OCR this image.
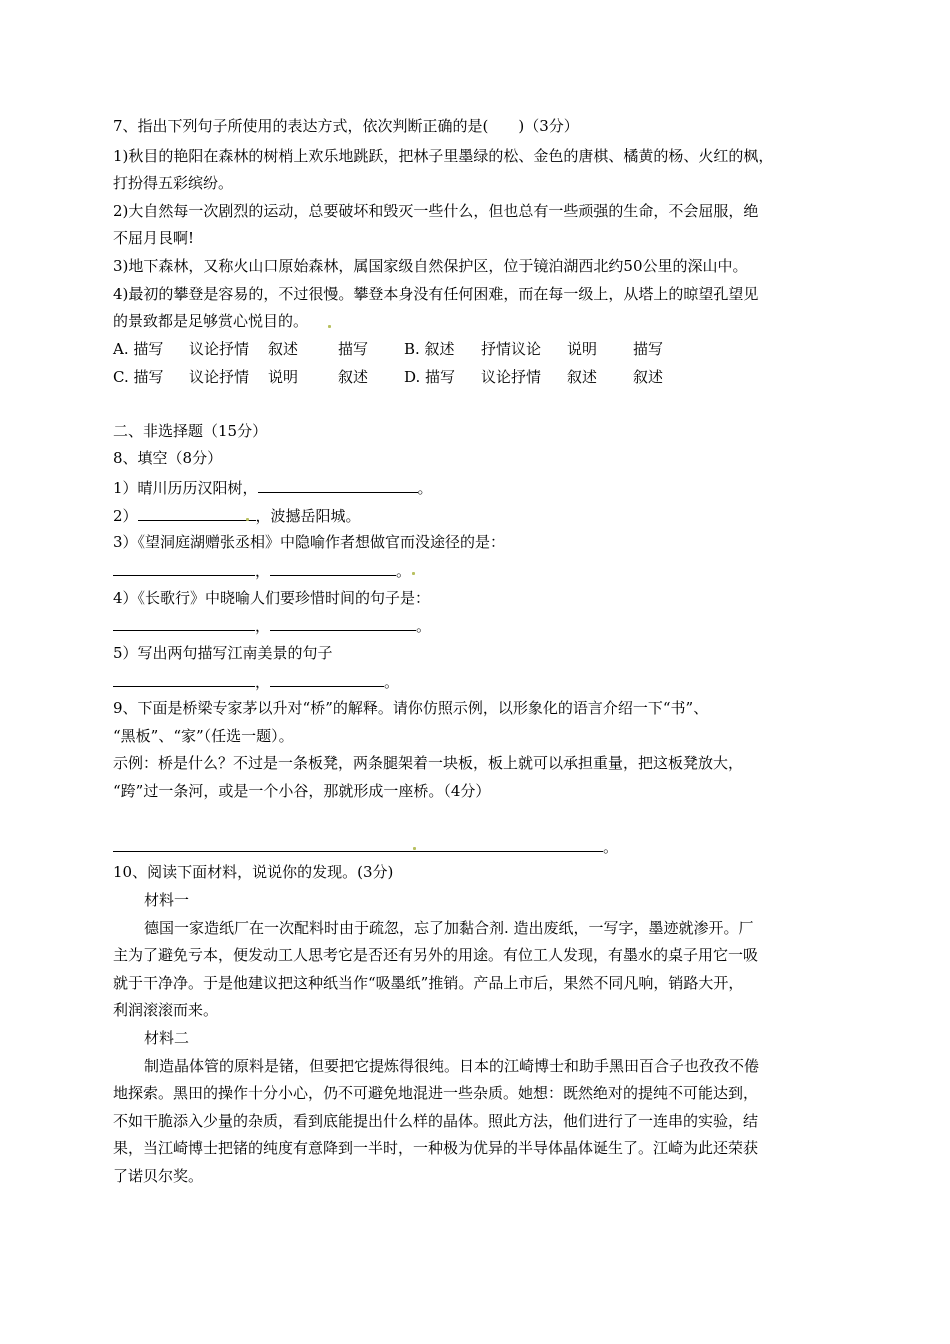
7、指出下列句子所使用的表达方式，依次判断正确的是(　　)（3分）
1)秋目的艳阳在森林的树梢上欢乐地跳跃，把林子里墨绿的松、金色的唐棋、橘黄的杨、火红的枫，
打扮得五彩缤纷。
2)大自然每一次剧烈的运动，总要破坏和毁灭一些什么，但也总有一些顽强的生命，不会屈服，绝
不屈月艮啊!
3)地下森林，又称火山口原始森林，属国家级自然保护区，位于镜泊湖西北约50公里的深山中。
4)最初的攀登是容易的，不过很慢。攀登本身没有任何困难，而在每一级上，从塔上的晾望孔望见
的景致都是足够赏心悦目的。
A. 描写 议论抒情 叙述	描写 B. 叙述 抒情议论 说明 描写
C. 描写 议论抒情 说明	叙述 D. 描写 议论抒情 叙述 叙述
二、非选择题（15分）
8、填空（8分）
1）晴川历历汉阳树，	。
2）	，波撼岳阳城。
3）《望洞庭湖赠张丞相》中隐喻作者想做官而没途径的是：
，	。
4）《长歌行》中晓喻人们要珍惜时间的句子是：
，	。
5）写出两句描写江南美景的句子
，	。
9、下面是桥梁专家茅以升对“桥”的解释。请你仿照示例，以形象化的语言介绍一下“书”、
“黑板”、“家”（任选一题）。
示例：桥是什么？不过是一条板凳，两条腿架着一块板，板上就可以承担重量，把这板凳放大，
“跨”过一条河，或是一个小谷，那就形成一座桥。（4分）
。
10、阅读下面材料，说说你的发现。(3分)
材料一
德国一家造纸厂在一次配料时由于疏忽，忘了加黏合剂. 造出废纸，一写字，墨迹就渗开。厂
主为了避免亏本，便发动工人思考它是否还有另外的用途。有位工人发现，有墨水的桌子用它一吸
就于干净净。于是他建议把这种纸当作“吸墨纸”推销。产品上市后，果然不同凡响，销路大开，
利润滚滚而来。
材料二
制造晶体管的原料是锗，但要把它提炼得很纯。日本的江崎博士和助手黑田百合子也孜孜不倦
地探索。黑田的操作十分小心，仍不可避免地混进一些杂质。她想：既然绝对的提纯不可能达到，
不如干脆添入少量的杂质，看到底能提出什么样的晶体。照此方法，他们进行了一连串的实验，结
果，当江崎博士把锗的纯度有意降到一半时，一种极为优异的半导体晶体诞生了。江崎为此还荣获
了诺贝尔奖。
